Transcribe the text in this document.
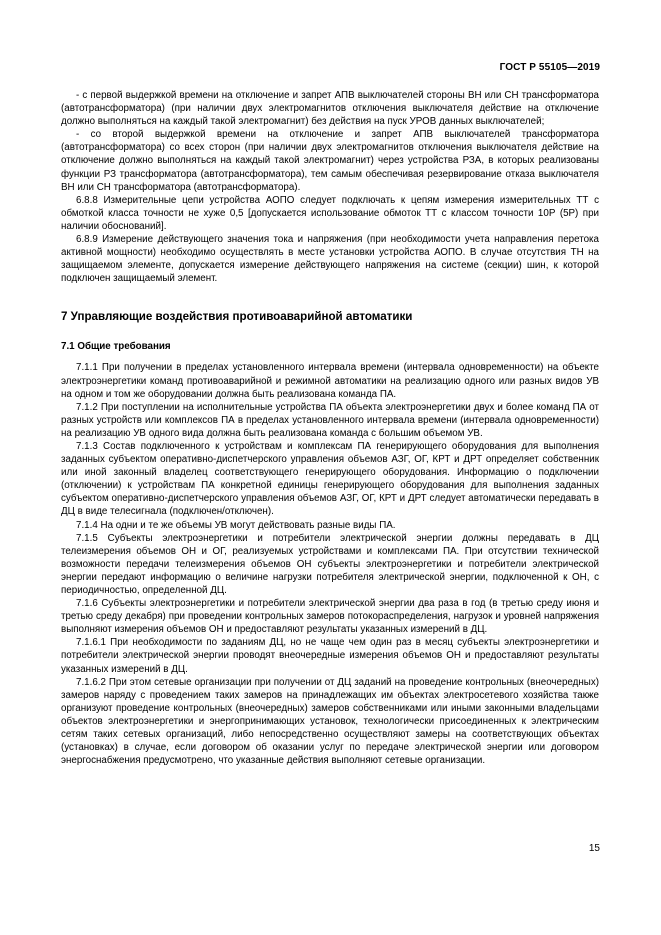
ГОСТ Р 55105—2019

- с первой выдержкой времени на отключение и запрет АПВ выключателей стороны ВН или СН трансформатора (автотрансформатора) (при наличии двух электромагнитов отключения выключателя действие на отключение должно выполняться на каждый такой электромагнит) без действия на пуск УРОВ данных выключателей;

- со второй выдержкой времени на отключение и запрет АПВ выключателей трансформатора (автотрансформатора) со всех сторон (при наличии двух электромагнитов отключения выключателя действие на отключение должно выполняться на каждый такой электромагнит) через устройства РЗА, в которых реализованы функции РЗ трансформатора (автотрансформатора), тем самым обеспечивая резервирование отказа выключателя ВН или СН трансформатора (автотрансформатора).

6.8.8 Измерительные цепи устройства АОПО следует подключать к цепям измерения измерительных ТТ с обмоткой класса точности не хуже 0,5 [допускается использование обмоток ТТ с классом точности 10Р (5Р) при наличии обоснований].

6.8.9 Измерение действующего значения тока и напряжения (при необходимости учета направления перетока активной мощности) необходимо осуществлять в месте установки устройства АОПО. В случае отсутствия ТН на защищаемом элементе, допускается измерение действующего напряжения на системе (секции) шин, к которой подключен защищаемый элемент.

7 Управляющие воздействия противоаварийной автоматики
7.1 Общие требования

7.1.1 При получении в пределах установленного интервала времени (интервала одновременности) на объекте электроэнергетики команд противоаварийной и режимной автоматики на реализацию одного или разных видов УВ на одном и том же оборудовании должна быть реализована команда ПА.

7.1.2 При поступлении на исполнительные устройства ПА объекта электроэнергетики двух и более команд ПА от разных устройств или комплексов ПА в пределах установленного интервала времени (интервала одновременности) на реализацию УВ одного вида должна быть реализована команда с большим объемом УВ.

7.1.3 Состав подключенного к устройствам и комплексам ПА генерирующего оборудования для выполнения заданных субъектом оперативно-диспетчерского управления объемов АЗГ, ОГ, КРТ и ДРТ определяет собственник или иной законный владелец соответствующего генерирующего оборудования. Информацию о подключении (отключении) к устройствам ПА конкретной единицы генерирующего оборудования для выполнения заданных субъектом оперативно-диспетчерского управления объемов АЗГ, ОГ, КРТ и ДРТ следует автоматически передавать в ДЦ в виде телесигнала (подключен/отключен).

7.1.4 На одни и те же объемы УВ могут действовать разные виды ПА.

7.1.5 Субъекты электроэнергетики и потребители электрической энергии должны передавать в ДЦ телеизмерения объемов ОН и ОГ, реализуемых устройствами и комплексами ПА. При отсутствии технической возможности передачи телеизмерения объемов ОН субъекты электроэнергетики и потребители электрической энергии передают информацию о величине нагрузки потребителя электрической энергии, подключенной к ОН, с периодичностью, определенной ДЦ.

7.1.6 Субъекты электроэнергетики и потребители электрической энергии два раза в год (в третью среду июня и третью среду декабря) при проведении контрольных замеров потокораспределения, нагрузок и уровней напряжения выполняют измерения объемов ОН и предоставляют результаты указанных измерений в ДЦ.

7.1.6.1 При необходимости по заданиям ДЦ, но не чаще чем один раз в месяц субъекты электроэнергетики и потребители электрической энергии проводят внеочередные измерения объемов ОН и предоставляют результаты указанных измерений в ДЦ.

7.1.6.2 При этом сетевые организации при получении от ДЦ заданий на проведение контрольных (внеочередных) замеров наряду с проведением таких замеров на принадлежащих им объектах электросетевого хозяйства также организуют проведение контрольных (внеочередных) замеров собственниками или иными законными владельцами объектов электроэнергетики и энергопринимающих установок, технологически присоединенных к электрическим сетям таких сетевых организаций, либо непосредственно осуществляют замеры на соответствующих объектах (установках) в случае, если договором об оказании услуг по передаче электрической энергии или договором энергоснабжения предусмотрено, что указанные действия выполняют сетевые организации.

15
